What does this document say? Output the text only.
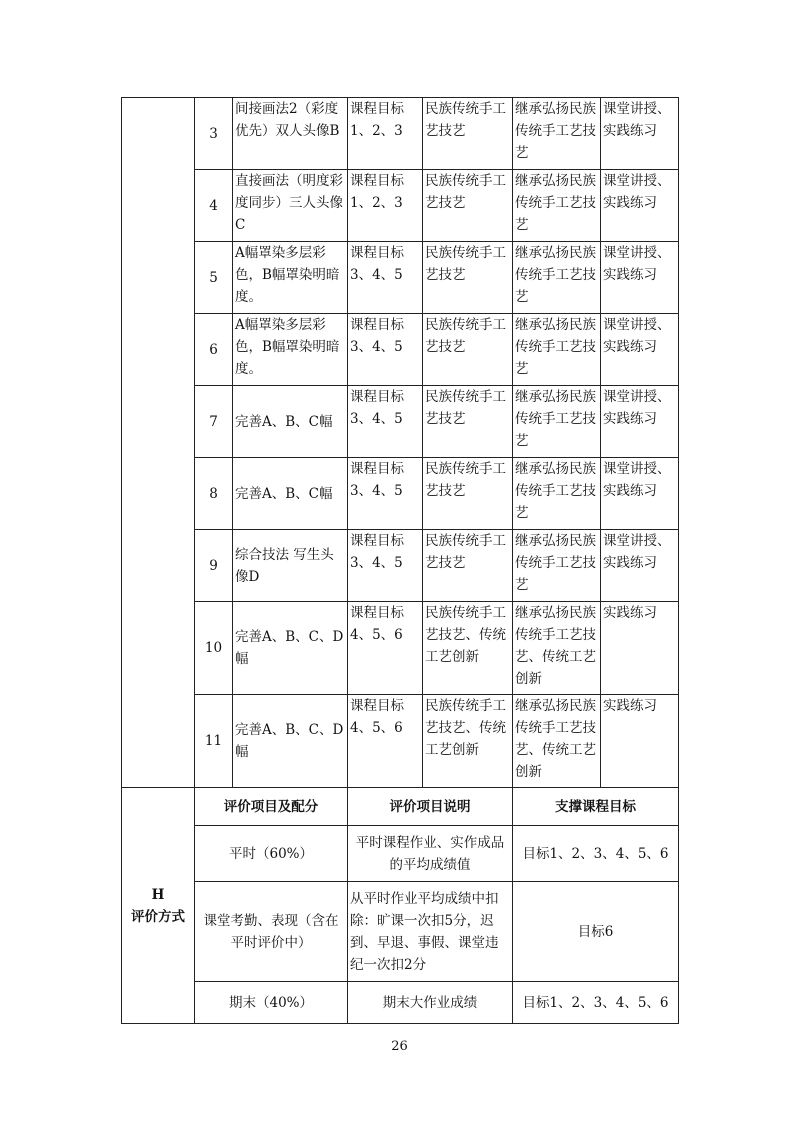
	3	间接画法2（彩度优先）双人头像B	课程目标1、2、3	民族传统手工艺技艺	继承弘扬民族传统手工艺技艺	课堂讲授、实践练习
	4	直接画法（明度彩度同步）三人头像C	课程目标1、2、3	民族传统手工艺技艺	继承弘扬民族传统手工艺技艺	课堂讲授、实践练习
	5	A幅罩染多层彩色，B幅罩染明暗度。	课程目标3、4、5	民族传统手工艺技艺	继承弘扬民族传统手工艺技艺	课堂讲授、实践练习
	6	A幅罩染多层彩色，B幅罩染明暗度。	课程目标3、4、5	民族传统手工艺技艺	继承弘扬民族传统手工艺技艺	课堂讲授、实践练习
	7	完善A、B、C幅	课程目标3、4、5	民族传统手工艺技艺	继承弘扬民族传统手工艺技艺	课堂讲授、实践练习
	8	完善A、B、C幅	课程目标3、4、5	民族传统手工艺技艺	继承弘扬民族传统手工艺技艺	课堂讲授、实践练习
	9	综合技法 写生头像D	课程目标3、4、5	民族传统手工艺技艺	继承弘扬民族传统手工艺技艺	课堂讲授、实践练习
	10	完善A、B、C、D幅	课程目标4、5、6	民族传统手工艺技艺、传统工艺创新	继承弘扬民族传统手工艺技艺、传统工艺创新	实践练习
	11	完善A、B、C、D幅	课程目标4、5、6	民族传统手工艺技艺、传统工艺创新	继承弘扬民族传统手工艺技艺、传统工艺创新	实践练习

H
评价方式	评价项目及配分		评价项目说明		支撑课程目标	
	平时（60%）		平时课程作业、实作成品的平均成绩值		目标1、2、3、4、5、6	
	课堂考勤、表现（含在平时评价中）		从平时作业平均成绩中扣除：旷课一次扣5分，迟到、早退、事假、课堂违纪一次扣2分		目标6	
	期末（40%）		期末大作业成绩		目标1、2、3、4、5、6	
26
